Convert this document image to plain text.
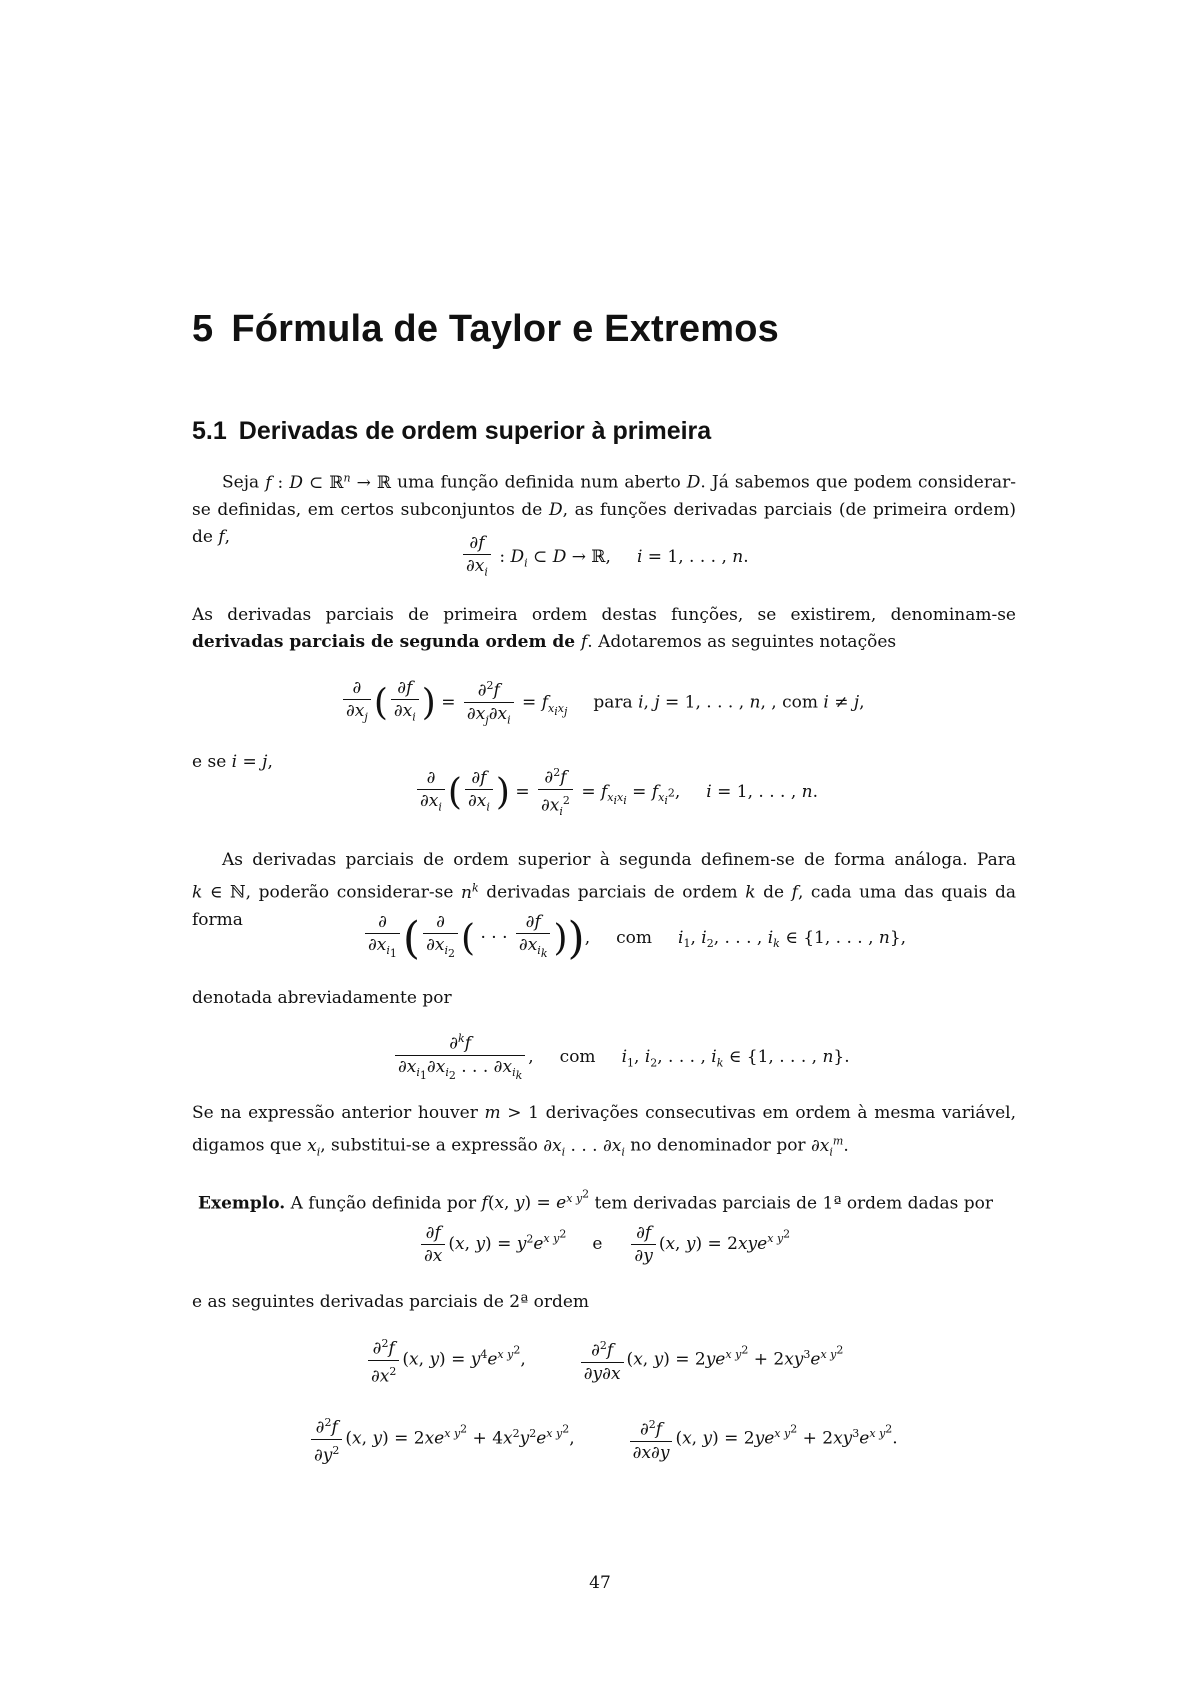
5 Fórmula de Taylor e Extremos
5.1 Derivadas de ordem superior à primeira
Seja f : D ⊂ ℝ$^n$ → ℝ uma função definida num aberto D. Já sabemos que podem considerar-se definidas, em certos subconjuntos de D, as funções derivadas parciais (de primeira ordem) de f,	$\frac{\partial f}{\partial x_i}$ : $D_i$ ⊂ D → ℝ, i = 1, . . . , n.
As derivadas parciais de primeira ordem destas funções, se existirem, denominam-se derivadas parciais de segunda ordem de f. Adotaremos as seguintes notações
$\frac{\partial}{\partial x_j}$ ( $\frac{\partial f}{\partial x_i}$ ) = $\frac{\partial^2f}{\partial x_j\partial x_i} = f_{x_ix_j}$ para i, j = 1, . . . , n, , com i ≠ j,
e se i = j,
$\frac{\partial}{\partial x_i}$ ( $\frac{\partial f}{\partial x_i}$ ) = $\frac{\partial^2f}{\partial x_i^2} = f_{x_ix_i} = f_{x_i^2}$, i = 1, . . . , n.
As derivadas parciais de ordem superior à segunda definem-se de forma análoga. Para k ∈ ℕ, poderão considerar-se $n^k$ derivadas parciais de ordem k de f, cada uma das quais da forma	$\frac{\partial}{\partial x_{i_1}}$ ( $\frac{\partial}{\partial x_{i_2}}$ ( · · · $\frac{\partial f}{\partial x_{i_k}}$ )), com $i_1$, $i_2$, . . . , $i_k$ ∈ {1, . . . , n},
denotada abreviadamente por
$\frac{\partial^kf}{\partial x_{i_1}\partial x_{i_2} . . . \partial x_{i_k}}$ , com $i_1$, $i_2$, . . . , $i_k$ ∈ {1, . . . , n}.
Se na expressão anterior houver m > 1 derivações consecutivas em ordem à mesma variável, digamos que $x_i$, substitui-se a expressão $\partial x_i$ . . . $\partial x_i$ no denominador por $\partial x_i^m$.
Exemplo. A função definida por f(x, $y) = e^{x y^2}$ tem derivadas parciais de 1ª ordem dadas por
$\frac{\partial f}{\partial x} (x$, $y) = y^2e^{x y^2}$ e $\frac{\partial f}{\partial y} (x$, y) = 2xye$^{x y^2}$
e as seguintes derivadas parciais de 2ª ordem
$\frac{\partial^2f}{\partial x^2} (x$, $y) = y^4e^{x y^2}$,	$\frac{\partial^2f}{\partial y\partial x} (x$, $y) = 2ye^{x y^2} + 2xy^3e^{x y^2}$
$\frac{\partial^2f}{\partial y^2} (x$, $y) = 2xe^{x y^2} + 4x^2y^2e^{x y^2}$,	$\frac{\partial^2f}{\partial x\partial y} (x$, $y) = 2ye^{x y^2} + 2xy^3e^{x y^2}$.
47
